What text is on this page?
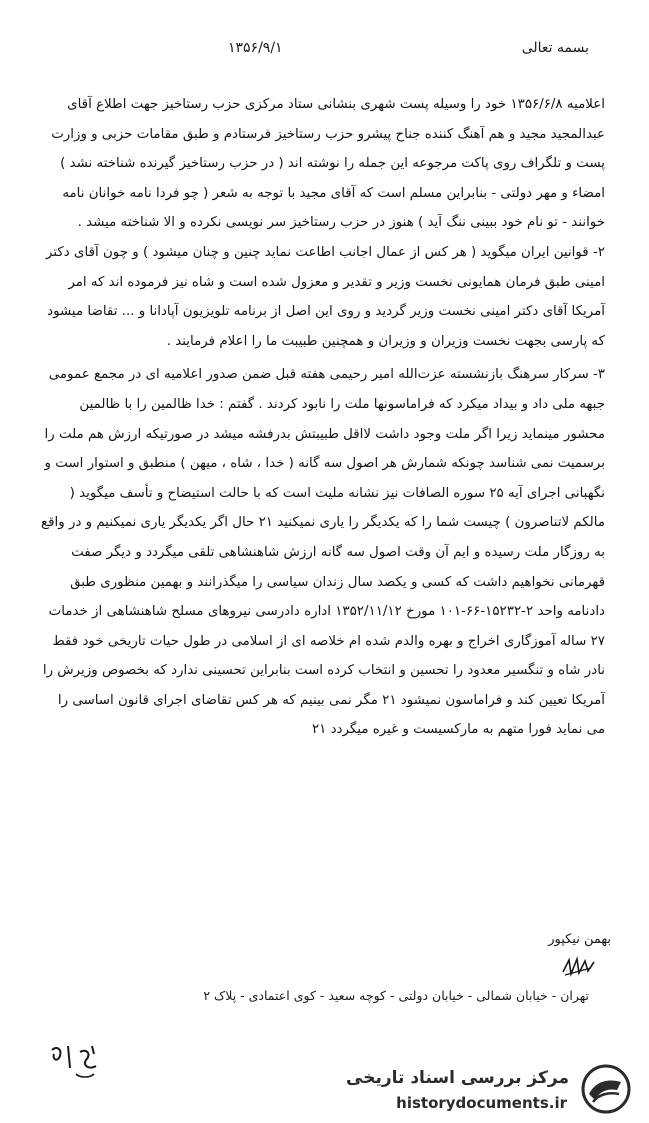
۱۳۵۶/۹/۱	بسمه تعالی

اعلامیه ۱۳۵۶/۶/۸ خود را وسیله پست شهری بنشانی ستاد مرکزی حزب رستاخیز جهت اطلاع آقای عبدالمجید مجید و هم آهنگ کننده جناح پیشرو حزب رستاخیز فرستادم و طبق مقامات حزبی و وزارت پست و تلگراف روی پاکت مرجوعه این جمله را نوشته اند ( در حزب رستاخیز گیرنده شناخته نشد ) امضاء و مهر دولتی - بنابراین مسلم است که آقای مجید با توجه به شعر ( چو فردا نامه خوانان نامه خوانند - تو نام خود ببینی ننگ آید ) هنوز در حزب رستاخیز سر نویسی نکرده و الا شناخته میشد .

۲- قوانین ایران میگوید ( هر کس از عمال اجانب اطاعت نماید چنین و چنان میشود ) و چون آقای دکتر امینی طبق فرمان همایونی نخست وزیر و تقدیر و معزول شده است و شاه نیز فرموده اند که امر آمریکا آقای دکتر امینی نخست وزیر گردید و روی این اصل از برنامه تلویزیون آپادانا و ... تقاضا میشود که پارسی بجهت نخست وزیران و وزیران و همچنین طبیبت ما را اعلام فرمایند .

۳- سرکار سرهنگ بازنشسته عزت‌الله امیر رحیمی هفته قبل ضمن صدور اعلامیه ای در مجمع عمومی جبهه ملی داد و بیداد میکرد که فراماسونها ملت را نابود کردند . گفتم : خدا ظالمین را با ظالمین محشور مینماید زیرا اگر ملت وجود داشت لااقل طبیبتش بدرفشه میشد در صورتیکه ارزش هم ملت را برسمیت نمی شناسد چونکه شمارش هر اصول سه گانه ( خدا ، شاه ، میهن ) منطبق و استوار است و نگهبانی اجرای آیه ۲۵ سوره الصافات نیز نشانه ملیت است که با حالت استیضاح و تأسف میگوید ( مالکم لاتناصرون ) چیست شما را که یکدیگر را یاری نمیکنید ۲۱ حال اگر یکدیگر یاری نمیکنیم و در واقع به روزگار ملت رسیده و ایم آن وقت اصول سه گانه ارزش شاهنشاهی تلقی میگردد و دیگر صفت قهرمانی نخواهیم داشت که کسی و یکصد سال زندان سیاسی را میگذرانند و بهمین منظوری طبق دادنامه واحد ۲-۱۵۲۳۲-۶۶-۱۰۱ مورخ ۱۳۵۲/۱۱/۱۲ اداره دادرسی نیروهای مسلح شاهنشاهی از خدمات ۲۷ ساله آموزگاری اخراج و بهره والدم شده ام خلاصه ای از اسلامی در طول حیات تاریخی خود فقط نادر شاه و تنگسیر معدود را تحسین و انتخاب کرده است بنابراین تحسینی ندارد که بخصوص وزیرش را آمریکا تعیین کند و فراماسون نمیشود ۲۱ مگر نمی بینیم که هر کس تقاضای اجرای قانون اساسی را می نماید فورا متهم به مارکسیست و غیره میگردد ۲۱

بهمن نیکپور
تهران - خیابان شمالی - خیابان دولتی - کوچه سعید - کوی اعتمادی - پلاک ۲
مرکز بررسی اسناد تاریخی
historydocuments.ir
